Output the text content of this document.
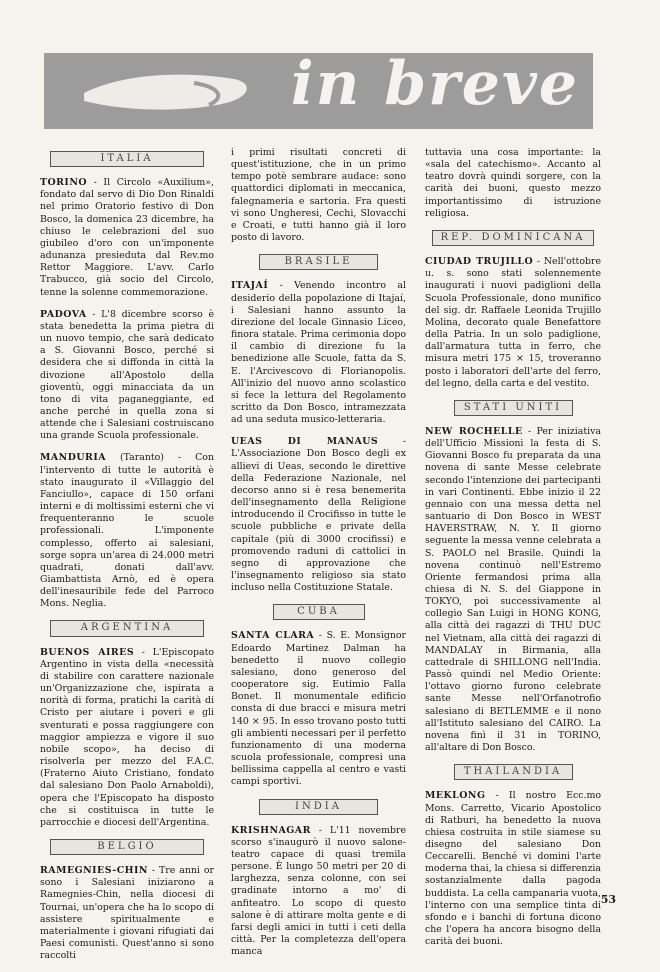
in breve
ITALIA

TORINO - Il Circolo «Auxilium», fondato dal servo di Dio Don Rinaldi nel primo Oratorio festivo di Don Bosco, la domenica 23 dicembre, ha chiuso le celebrazioni del suo giubileo d'oro con un'imponente adunanza presieduta dal Rev.mo Rettor Maggiore. L'avv. Carlo Trabucco, già socio del Circolo, tenne la solenne commemorazione.

PADOVA - L'8 dicembre scorso è stata benedetta la prima pietra di un nuovo tempio, che sarà dedicato a S. Giovanni Bosco, perché si desidera che si diffonda in città la divozione all'Apostolo della gioventù, oggi minacciata da un tono di vita paganeggiante, ed anche perché in quella zona si attende che i Salesiani costruiscano una grande Scuola professionale.

MANDURIA (Taranto) - Con l'intervento di tutte le autorità è stato inaugurato il «Villaggio del Fanciullo», capace di 150 orfani interni e di moltissimi esterni che vi frequenteranno le scuole professionali. L'imponente complesso, offerto ai salesiani, sorge sopra un'area di 24.000 metri quadrati, donati dall'avv. Giambattista Arnò, ed è opera dell'inesauribile fede del Parroco Mons. Neglia.

ARGENTINA

BUENOS AIRES - L'Episcopato Argentino in vista della «necessità di stabilire con carattere nazionale un'Organizzazione che, ispirata a norità di forma, pratichi la carità di Cristo per aiutare i poveri e gli sventurati e possa raggiungere con maggior ampiezza e vigore il suo nobile scopo», ha deciso di risolverla per mezzo del F.A.C. (Fraterno Aiuto Cristiano, fondato dal salesiano Don Paolo Arnaboldi), opera che l'Episcopato ha disposto che si costituisca in tutte le parrocchie e diocesi dell'Argentina.

BELGIO

RAMEGNIES-CHIN - Tre anni or sono i Salesiani iniziarono a Ramegnies-Chin, nella diocesi di Tournai, un'opera che ha lo scopo di assistere spiritualmente e materialmente i giovani rifugiati dai Paesi comunisti. Quest'anno si sono raccolti

i primi risultati concreti di quest'istituzione, che in un primo tempo potè sembrare audace: sono quattordici diplomati in meccanica, falegnameria e sartoria. Fra questi vi sono Ungheresi, Cechi, Slovacchi e Croati, e tutti hanno già il loro posto di lavoro.

BRASILE

ITAJAÍ - Venendo incontro al desiderio della popolazione di Itajaí, i Salesiani hanno assunto la direzione del locale Ginnasio Liceo, finora statale. Prima cerimonia dopo il cambio di direzione fu la benedizione alle Scuole, fatta da S. E. l'Arcivescovo di Florianopolis. All'inizio del nuovo anno scolastico si fece la lettura del Regolamento scritto da Don Bosco, intramezzata ad una seduta musico-letteraria.

UEAS DI MANAUS - L'Associazione Don Bosco degli ex allievi di Ueas, secondo le direttive della Federazione Nazionale, nel decorso anno si è resa benemerita dell'insegnamento della Religione introducendo il Crocifisso in tutte le scuole pubbliche e private della capitale (più di 3000 crocifissi) e promovendo raduni di cattolici in segno di approvazione che l'insegnamento religioso sia stato incluso nella Costituzione Statale.

CUBA

SANTA CLARA - S. E. Monsignor Edoardo Martinez Dalman ha benedetto il nuovo collegio salesiano, dono generoso del cooperatore sig. Eutimio Falla Bonet. Il monumentale edificio consta di due bracci e misura metri 140 × 95. In esso trovano posto tutti gli ambienti necessari per il perfetto funzionamento di una moderna scuola professionale, compresi una bellissima cappella al centro e vasti campi sportivi.

INDIA

KRISHNAGAR - L'11 novembre scorso s'inaugurò il nuovo salone-teatro capace di quasi tremila persone. È lungo 50 metri per 20 di larghezza, senza colonne, con sei gradinate intorno a mo' di anfiteatro. Lo scopo di questo salone è di attirare molta gente e di farsi degli amici in tutti i ceti della città. Per la completezza dell'opera manca

tuttavia una cosa importante: la «sala del catechismo». Accanto al teatro dovrà quindi sorgere, con la carità dei buoni, questo mezzo importantissimo di istruzione religiosa.

REP. DOMINICANA

CIUDAD TRUJILLO - Nell'ottobre u. s. sono stati solennemente inaugurati i nuovi padiglioni della Scuola Professionale, dono munifico del sig. dr. Raffaele Leonida Trujillo Molina, decorato quale Benefattore della Patria. In un solo padiglione, dall'armatura tutta in ferro, che misura metri 175 × 15, troveranno posto i laboratori dell'arte del ferro, del legno, della carta e del vestito.

STATI UNITI

NEW ROCHELLE - Per iniziativa dell'Ufficio Missioni la festa di S. Giovanni Bosco fu preparata da una novena di sante Messe celebrate secondo l'intenzione dei partecipanti in vari Continenti. Ebbe inizio il 22 gennaio con una messa detta nel santuario di Don Bosco in WEST HAVERSTRAW, N. Y. Il giorno seguente la messa venne celebrata a S. PAOLO nel Brasile. Quindi la novena continuò nell'Estremo Oriente fermandosi prima alla chiesa di N. S. del Giappone in TOKYO, poi successivamente al collegio San Luigi in HONG KONG, alla città dei ragazzi di THU DUC nel Vietnam, alla città dei ragazzi di MANDALAY in Birmania, alla cattedrale di SHILLONG nell'India. Passò quindi nel Medio Oriente: l'ottavo giorno furono celebrate sante Messe nell'Orfanotrofio salesiano di BETLEMME e il nono all'Istituto salesiano del CAIRO. La novena finì il 31 in TORINO, all'altare di Don Bosco.

THAILANDIA

MEKLONG - Il nostro Ecc.mo Mons. Carretto, Vicario Apostolico di Ratburi, ha benedetto la nuova chiesa costruita in stile siamese su disegno del salesiano Don Ceccarelli. Benché vi domini l'arte moderna thai, la chiesa si differenzia sostanzialmente dalla pagoda buddista. La cella campanaria vuota, l'interno con una semplice tinta di sfondo e i banchi di fortuna dicono che l'opera ha ancora bisogno della carità dei buoni.

53
